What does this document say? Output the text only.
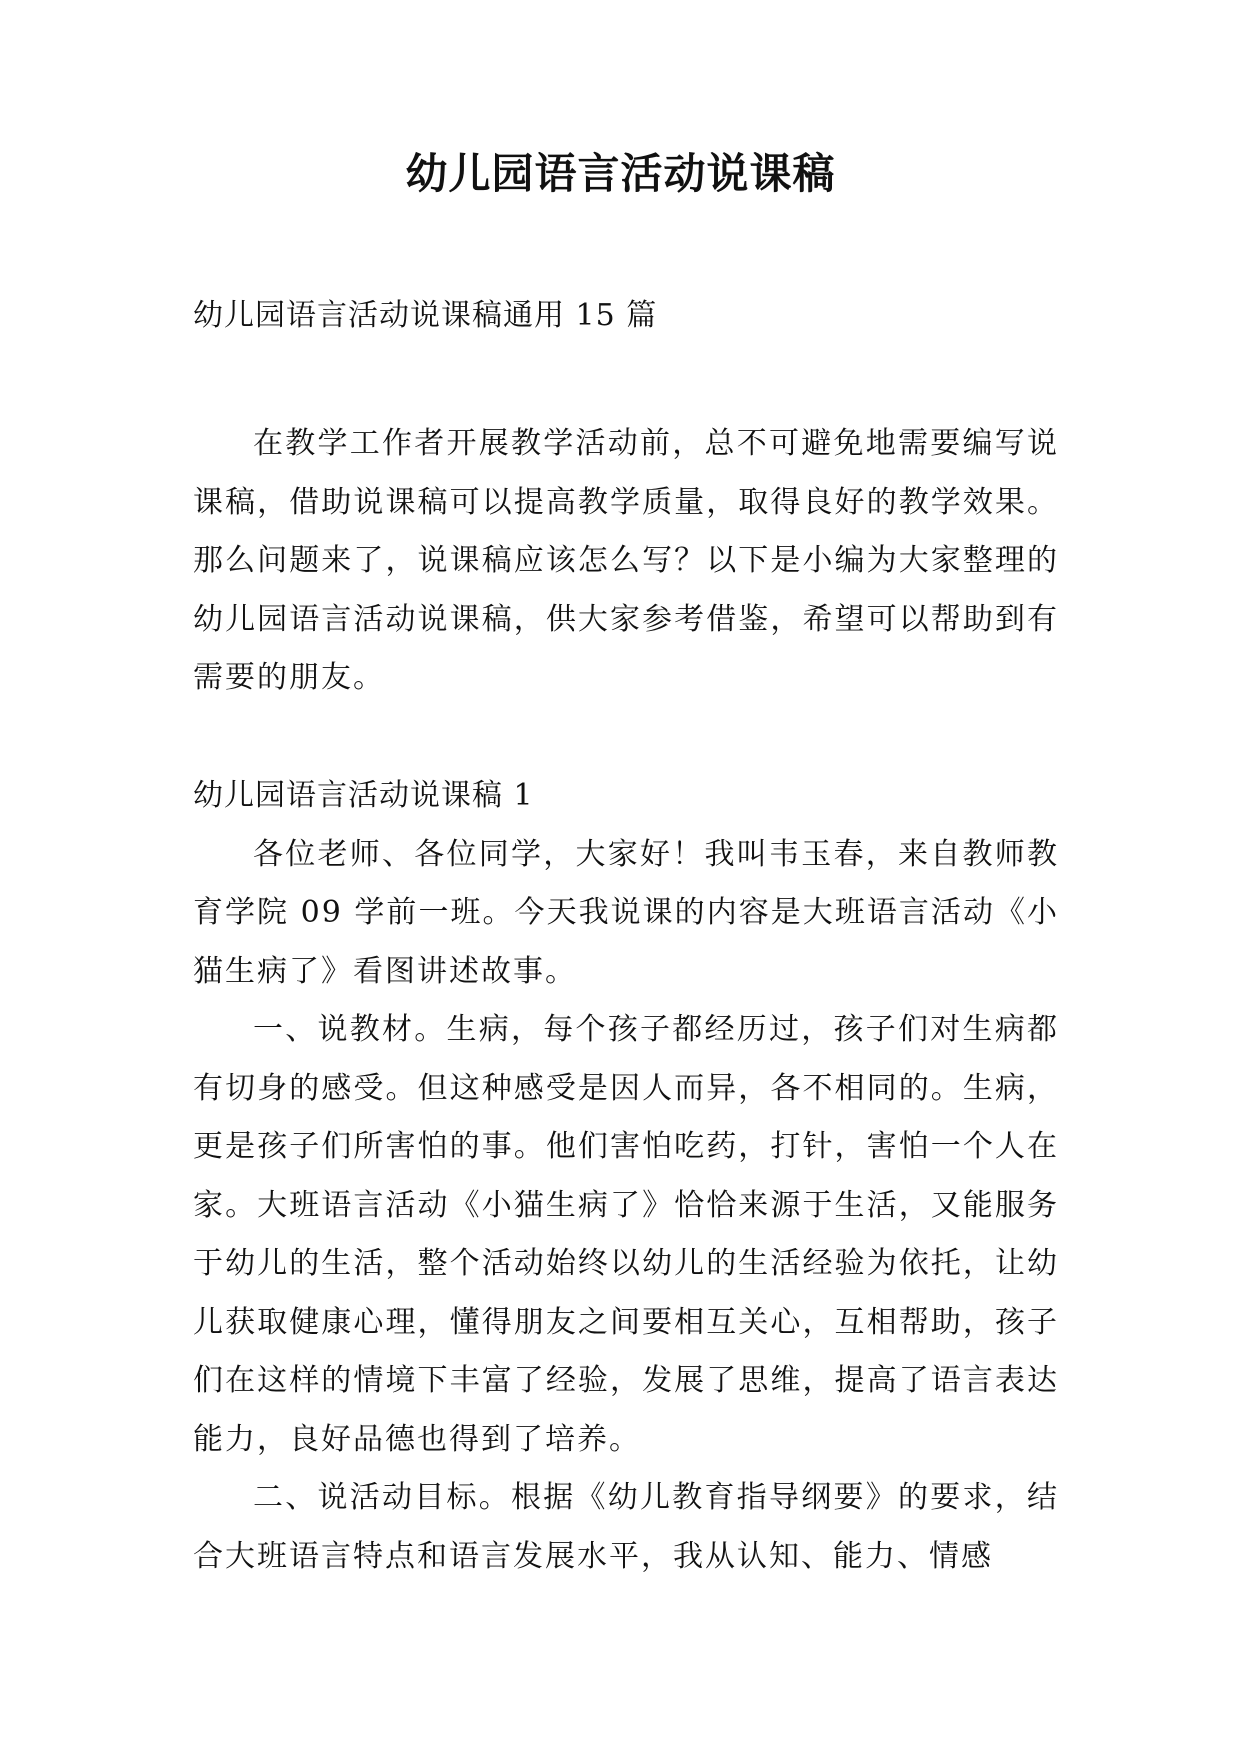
幼儿园语言活动说课稿

幼儿园语言活动说课稿通用 15 篇

在教学工作者开展教学活动前，总不可避免地需要编写说课稿，借助说课稿可以提高教学质量，取得良好的教学效果。那么问题来了，说课稿应该怎么写？以下是小编为大家整理的幼儿园语言活动说课稿，供大家参考借鉴，希望可以帮助到有需要的朋友。

幼儿园语言活动说课稿 1

各位老师、各位同学，大家好！我叫韦玉春，来自教师教育学院 09 学前一班。今天我说课的内容是大班语言活动《小猫生病了》看图讲述故事。

一、说教材。生病，每个孩子都经历过，孩子们对生病都有切身的感受。但这种感受是因人而异，各不相同的。生病，更是孩子们所害怕的事。他们害怕吃药，打针，害怕一个人在家。大班语言活动《小猫生病了》恰恰来源于生活，又能服务于幼儿的生活，整个活动始终以幼儿的生活经验为依托，让幼儿获取健康心理，懂得朋友之间要相互关心，互相帮助，孩子们在这样的情境下丰富了经验，发展了思维，提高了语言表达能力，良好品德也得到了培养。

二、说活动目标。根据《幼儿教育指导纲要》的要求，结合大班语言特点和语言发展水平，我从认知、能力、情感
